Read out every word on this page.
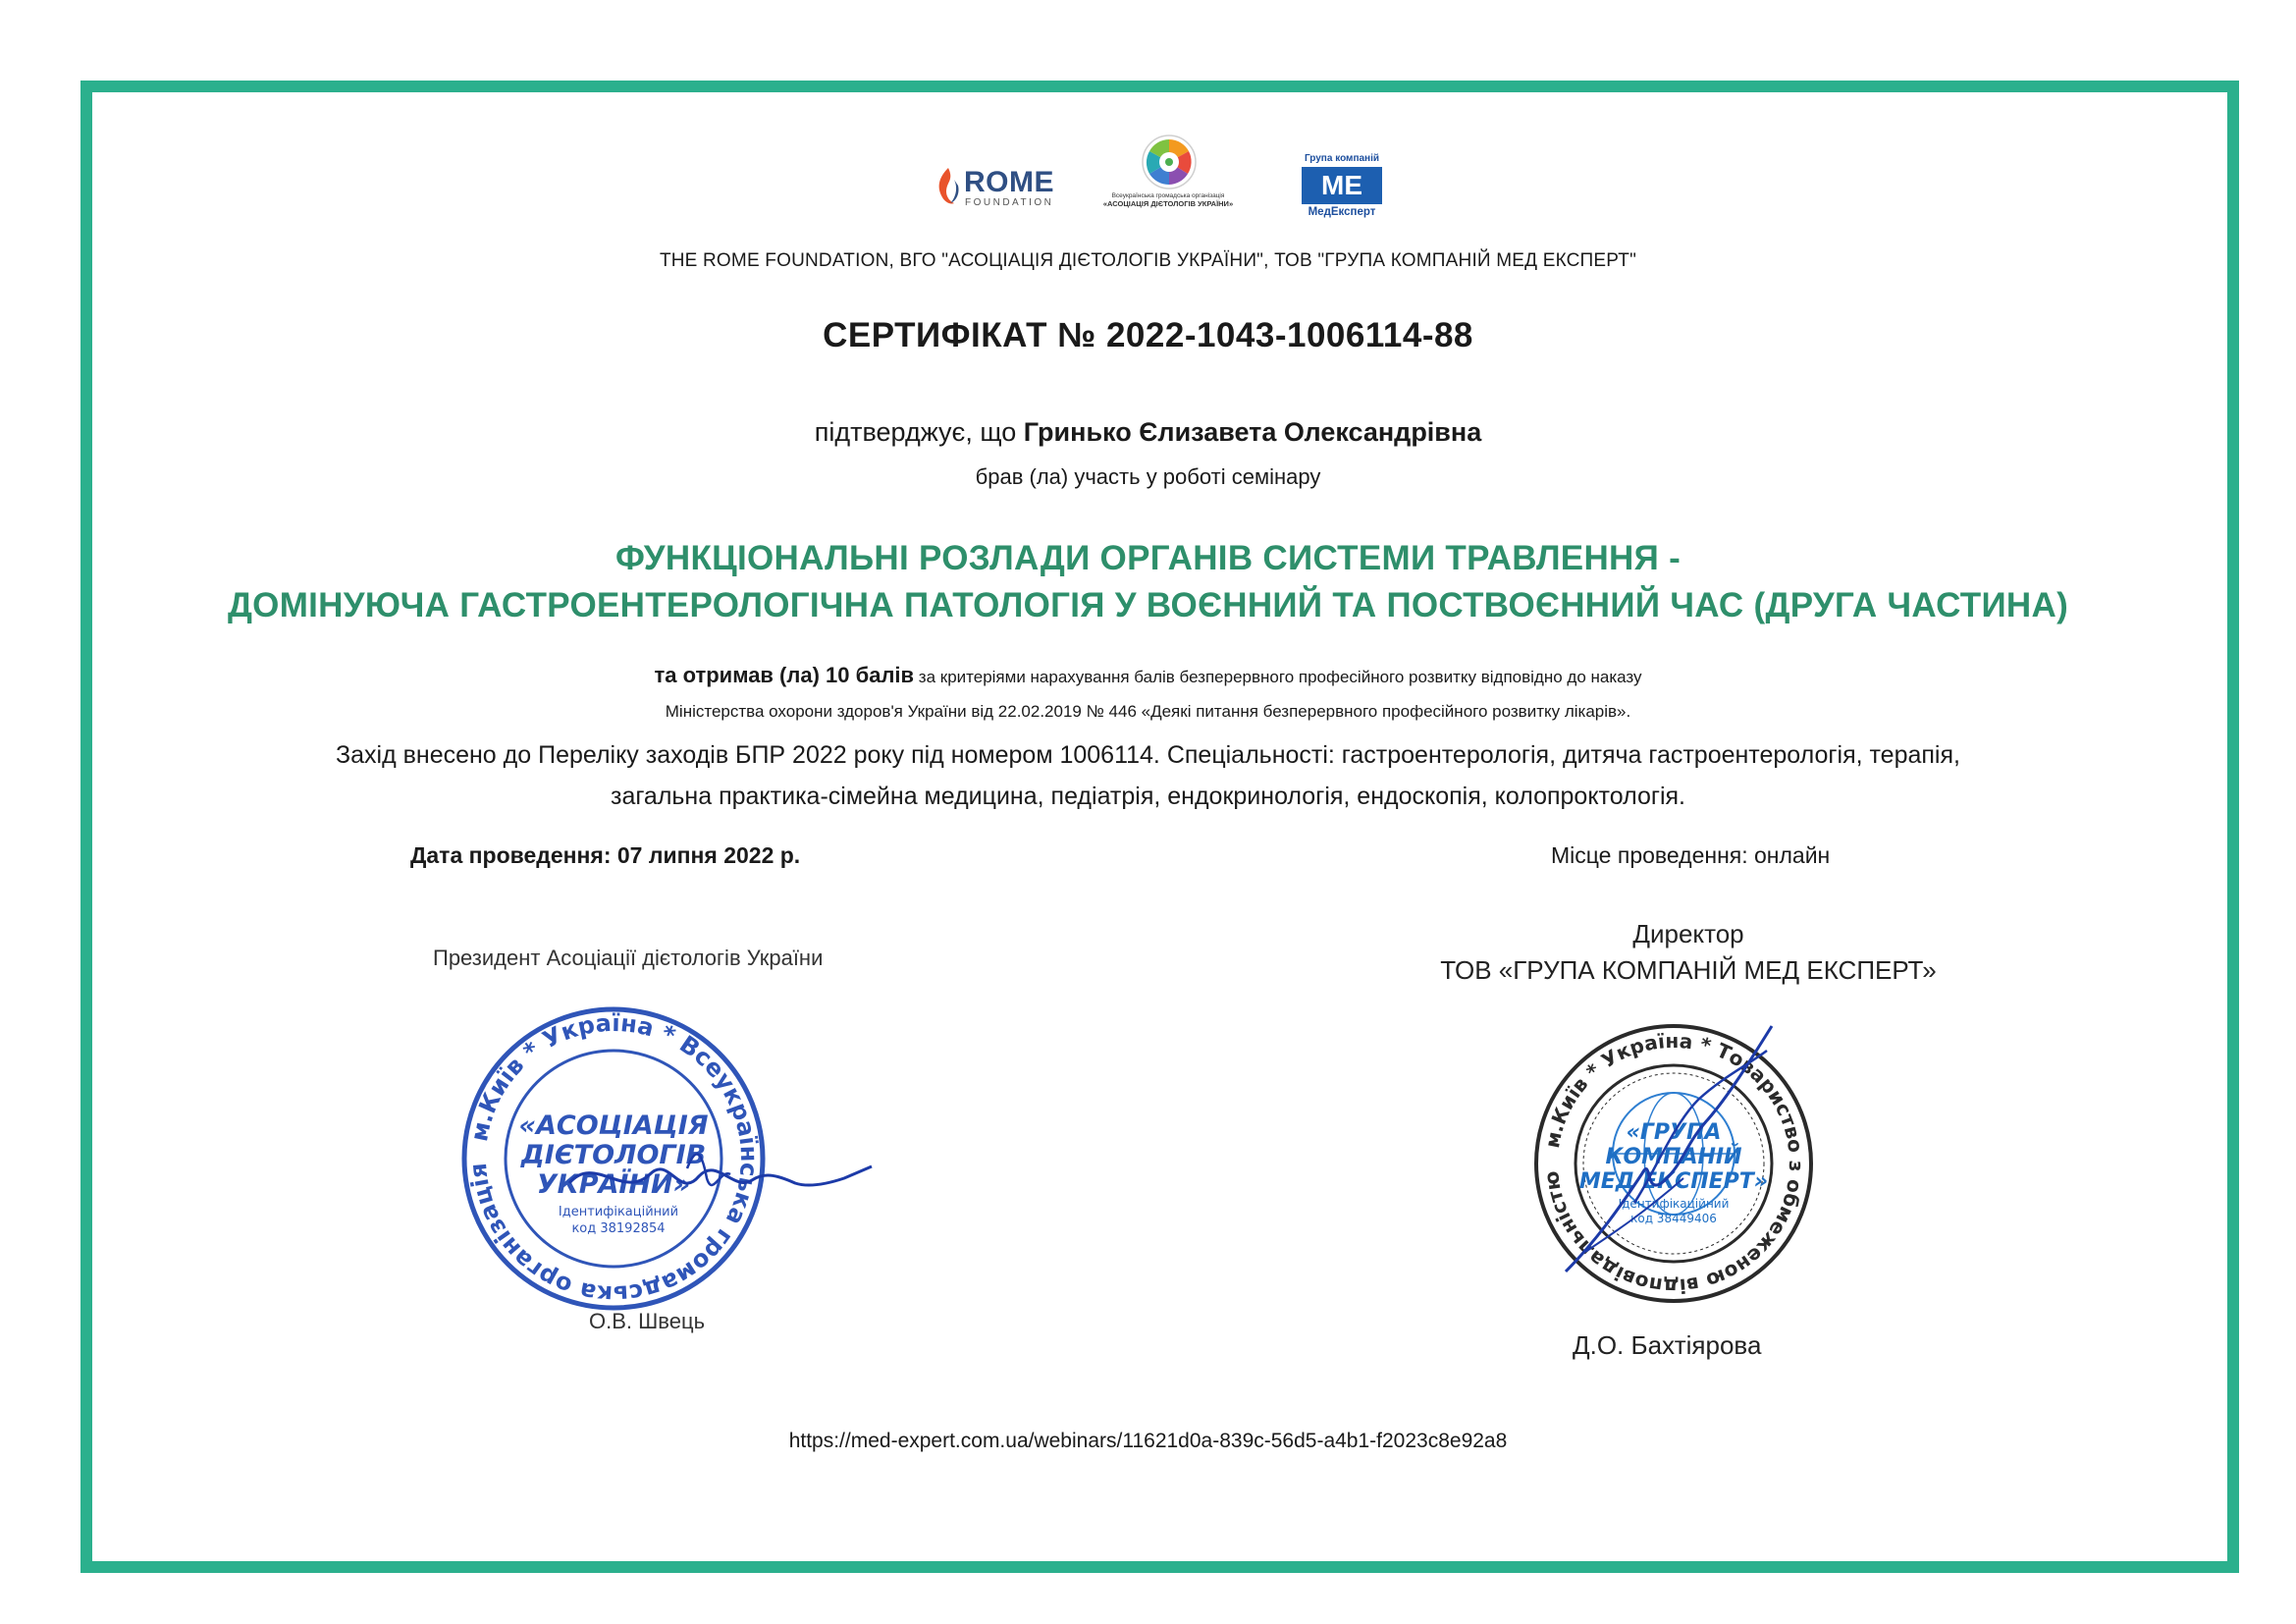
ROME
FOUNDATION
Всеукраїнська громадська організація
«АСОЦІАЦІЯ ДІЄТОЛОГІВ УКРАЇНИ»
Група компаній
МЕ
МедЕксперт
THE ROME FOUNDATION, ВГО "АСОЦІАЦІЯ ДІЄТОЛОГІВ УКРАЇНИ", ТОВ "ГРУПА КОМПАНІЙ МЕД ЕКСПЕРТ"
СЕРТИФІКАТ № 2022-1043-1006114-88
підтверджує, що Гринько Єлизавета Олександрівна
брав (ла) участь у роботі семінару
ФУНКЦІОНАЛЬНІ РОЗЛАДИ ОРГАНІВ СИСТЕМИ ТРАВЛЕННЯ -
ДОМІНУЮЧА ГАСТРОЕНТЕРОЛОГІЧНА ПАТОЛОГІЯ У ВОЄННИЙ ТА ПОСТВОЄННИЙ ЧАС (ДРУГА ЧАСТИНА)
та отримав (ла) 10 балів за критеріями нарахування балів безперервного професійного розвитку відповідно до наказу
Міністерства охорони здоров'я України від 22.02.2019 № 446 «Деякі питання безперервного професійного розвитку лікарів».
Захід внесено до Переліку заходів БПР 2022 року під номером 1006114. Спеціальності: гастроентерологія, дитяча гастроентерологія, терапія,
загальна практика-сімейна медицина, педіатрія, ендокринологія, ендоскопія, колопроктологія.
Дата проведення: 07 липня 2022 р.	Місце проведення: онлайн
Президент Асоціації дієтологів України
м.Київ * Україна * Всеукраїнська громадська організація
«АСОЦІАЦІЯ
ДІЄТОЛОГІВ
УКРАЇНИ»
Ідентифікаційний
код 38192854
О.В. Швець
Директор
ТОВ «ГРУПА КОМПАНІЙ МЕД ЕКСПЕРТ»
м.Київ * Україна * Товариство з обмеженою відповідальністю
«ГРУПА
КОМПАНІЙ
МЕД ЕКСПЕРТ»
Ідентифікаційний
код 38449406
Д.О. Бахтіярова
https://med-expert.com.ua/webinars/11621d0a-839c-56d5-a4b1-f2023c8e92a8
